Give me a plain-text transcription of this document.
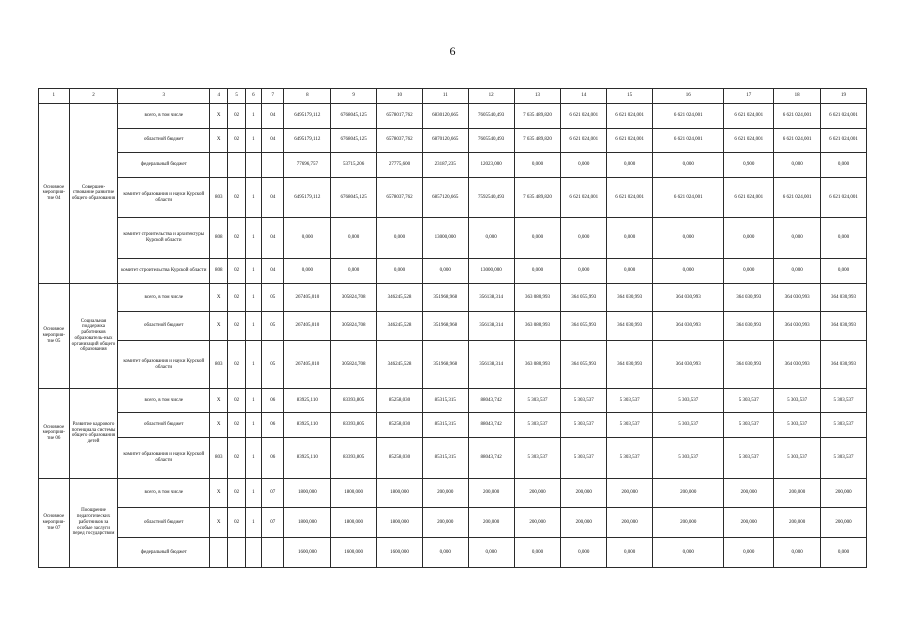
6
1	2	3	4	5	6	7	8	9	10	11	12	13	14	15	16	17	18	19
Основное мероприя-тие 04	Совершен-ствование развитие общего образования	всего, в том числе	X	02	1	04	6495179,112	6768045,125	6578017,762	6830120,665	7605540,493	7 635 489,820	6 621 024,001	6 621 024,001	6 621 024,001	6 621 024,001	6 621 024,001	6 621 024,001
		областной бюджет	X	02	1	04	6495179,112	6768045,125	6578037,762	6870120,665	7605540,493	7 635 489,820	6 621 024,001	6 621 024,001	6 621 024,001	6 621 024,001	6 621 024,001	6 621 024,001
		федеральный бюджет					77696,757	53715,206	27775,600	23187,235	12023,000	0,000	0,000	0,000	0,000	0,900	0,000	0,000
		комитет образования и науки Курской области	803	02	1	04	6495179,112	6768045,125	6578037,762	6857120,665	7592540,493	7 635 489,820	6 621 024,001	6 621 024,001	6 621 024,001	6 621 024,001	6 621 024,001	6 621 024,001
		комитет строительства и архитектуры Курской области	808	02	1	04	0,000	0,000	0,000	13000,000	0,000	0,000	0,000	0,000	0,000	0,000	0,000	0,000
		комитет строительства Курской области	808	02	1	04	0,000	0,000	0,000	0,000	13000,000	0,000	0,000	0,000	0,000	0,000	0,000	0,000
Основное мероприя-тие 05	Социальная поддержка работников образователь-ных организаций общего образования	всего, в том числе	X	02	1	05	267405,010	305824,708	346245,528	351968,968	356138,314	363 080,993	364 055,993	364 030,993	364 030,993	364 030,993	364 030,993	364 030,993
		областной бюджет	X	02	1	05	267405,010	305824,708	346245,528	351968,968	356138,314	363 080,993	364 055,993	364 030,993	364 030,993	364 030,993	364 030,993	364 030,993
		комитет образования и науки Курской области	803	02	1	05	267405,010	305824,708	346245,528	351968,968	356138,314	363 080,993	364 055,993	364 030,993	364 030,993	364 030,993	364 030,993	364 030,993
Основное мероприя-тие 06	Развитие кадрового потенциала системы общего образования детей	всего, в том числе	X	02	1	06	83925,110	83393,805	85258,030	85315,315	88043,742	5 303,537	5 303,537	5 303,537	5 303,537	5 303,537	5 303,537	5 303,537
		областной бюджет	X	02	1	06	83925,110	83393,805	85258,030	85315,315	88043,742	5 303,537	5 303,537	5 303,537	5 303,537	5 303,537	5 303,537	5 303,537
		комитет образования и науки Курской области	803	02	1	06	83925,110	83393,805	85258,030	85315,315	88043,742	5 303,537	5 303,537	5 303,537	5 303,537	5 303,537	5 303,537	5 303,537
Основное мероприя-тие 07	Поощрение педагогических работников за особые заслуги перед государством	всего, в том числе	X	02	1	07	1800,000	1800,000	1800,000	200,000	200,000	200,000	200,000	200,000	200,000	200,000	200,000	200,000
		областной бюджет	X	02	1	07	1800,000	1800,000	1800,000	200,000	200,000	200,000	200,000	200,000	200,000	200,000	200,000	200,000
		федеральный бюджет					1600,000	1600,000	1600,000	0,000	0,000	0,000	0,000	0,000	0,000	0,000	0,000	0,000
